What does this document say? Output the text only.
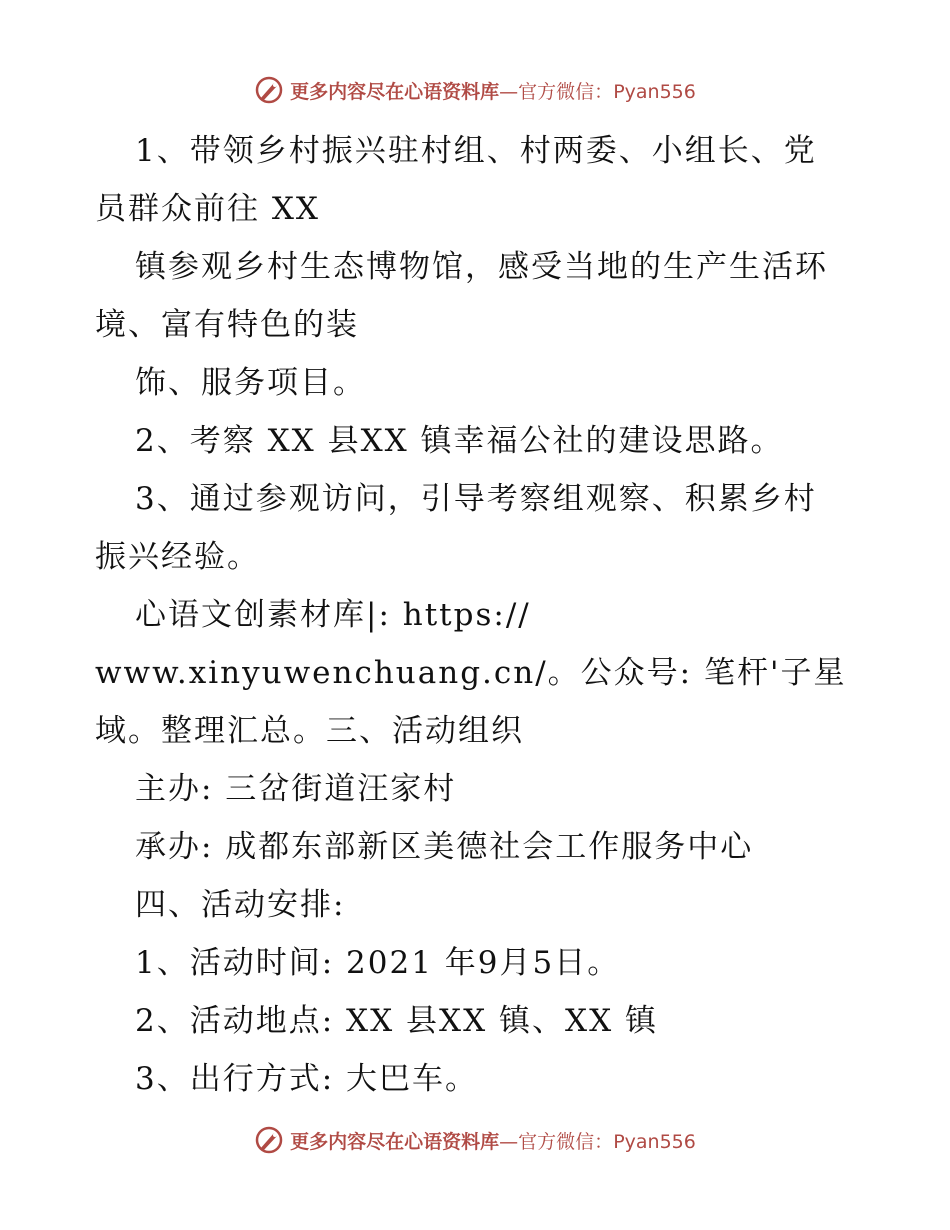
更多内容尽在心语资料库—官方微信：Pyan556
1、带领乡村振兴驻村组、村两委、小组长、党
员群众前往 XX
镇参观乡村生态博物馆，感受当地的生产生活环
境、富有特色的装
饰、服务项目。
2、考察 XX 县XX 镇幸福公社的建设思路。
3、通过参观访问，引导考察组观察、积累乡村
振兴经验。
心语文创素材库|: https://
www.xinyuwenchuang.cn/。公众号: 笔杆'子星
域。整理汇总。三、活动组织
主办: 三岔街道汪家村
承办: 成都东部新区美德社会工作服务中心
四、活动安排:
1、活动时间: 2021 年9月5日。
2、活动地点: XX 县XX 镇、XX 镇
3、出行方式: 大巴车。
更多内容尽在心语资料库—官方微信：Pyan556
